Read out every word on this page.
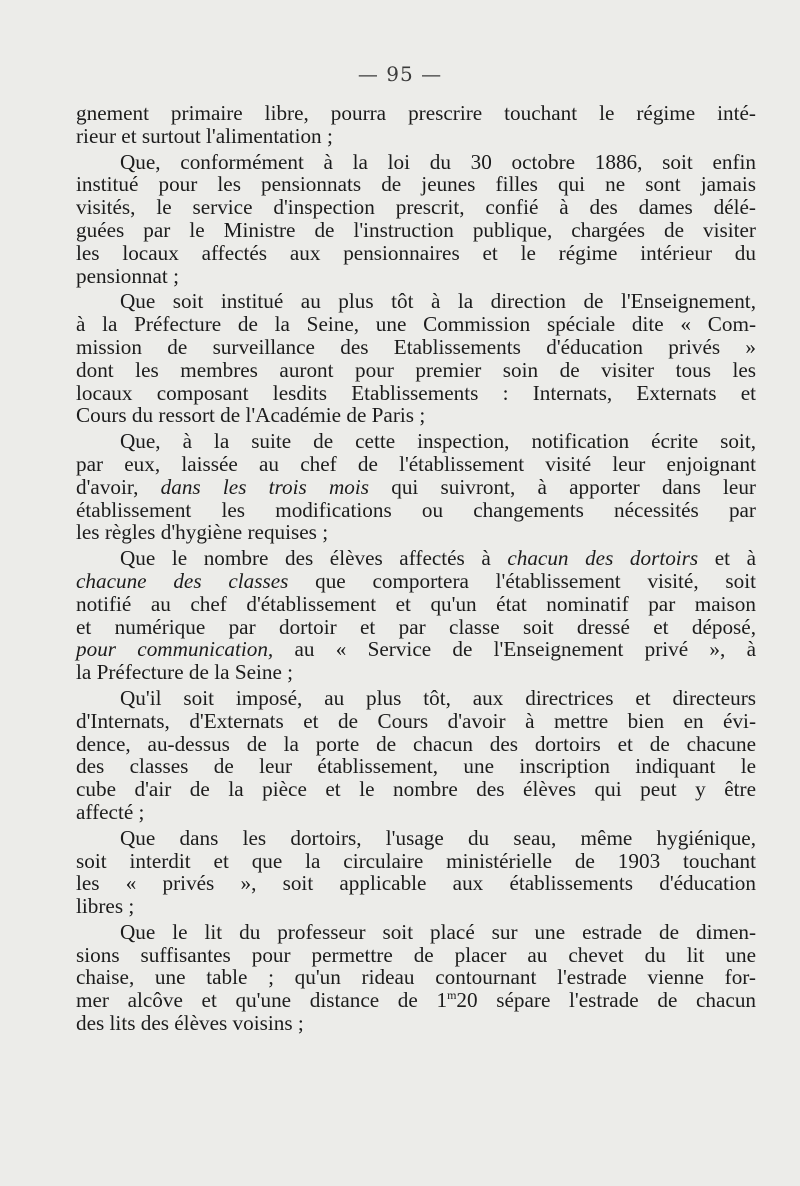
— 95 —

gnement primaire libre, pourra prescrire touchant le régime inté-
rieur et surtout l'alimentation ;

Que, conformément à la loi du 30 octobre 1886, soit enfin
institué pour les pensionnats de jeunes filles qui ne sont jamais
visités, le service d'inspection prescrit, confié à des dames délé-
guées par le Ministre de l'instruction publique, chargées de visiter
les locaux affectés aux pensionnaires et le régime intérieur du
pensionnat ;

Que soit institué au plus tôt à la direction de l'Enseignement,
à la Préfecture de la Seine, une Commission spéciale dite « Com-
mission de surveillance des Etablissements d'éducation privés »
dont les membres auront pour premier soin de visiter tous les
locaux composant lesdits Etablissements : Internats, Externats et
Cours du ressort de l'Académie de Paris ;

Que, à la suite de cette inspection, notification écrite soit,
par eux, laissée au chef de l'établissement visité leur enjoignant
d'avoir, dans les trois mois qui suivront, à apporter dans leur
établissement les modifications ou changements nécessités par
les règles d'hygiène requises ;

Que le nombre des élèves affectés à chacun des dortoirs et à
chacune des classes que comportera l'établissement visité, soit
notifié au chef d'établissement et qu'un état nominatif par maison
et numérique par dortoir et par classe soit dressé et déposé,
pour communication, au « Service de l'Enseignement privé », à
la Préfecture de la Seine ;

Qu'il soit imposé, au plus tôt, aux directrices et directeurs
d'Internats, d'Externats et de Cours d'avoir à mettre bien en évi-
dence, au-dessus de la porte de chacun des dortoirs et de chacune
des classes de leur établissement, une inscription indiquant le
cube d'air de la pièce et le nombre des élèves qui peut y être
affecté ;

Que dans les dortoirs, l'usage du seau, même hygiénique,
soit interdit et que la circulaire ministérielle de 1903 touchant
les « privés », soit applicable aux établissements d'éducation
libres ;

Que le lit du professeur soit placé sur une estrade de dimen-
sions suffisantes pour permettre de placer au chevet du lit une
chaise, une table ; qu'un rideau contournant l'estrade vienne for-
mer alcôve et qu'une distance de 1$^m$20 sépare l'estrade de chacun
des lits des élèves voisins ;
